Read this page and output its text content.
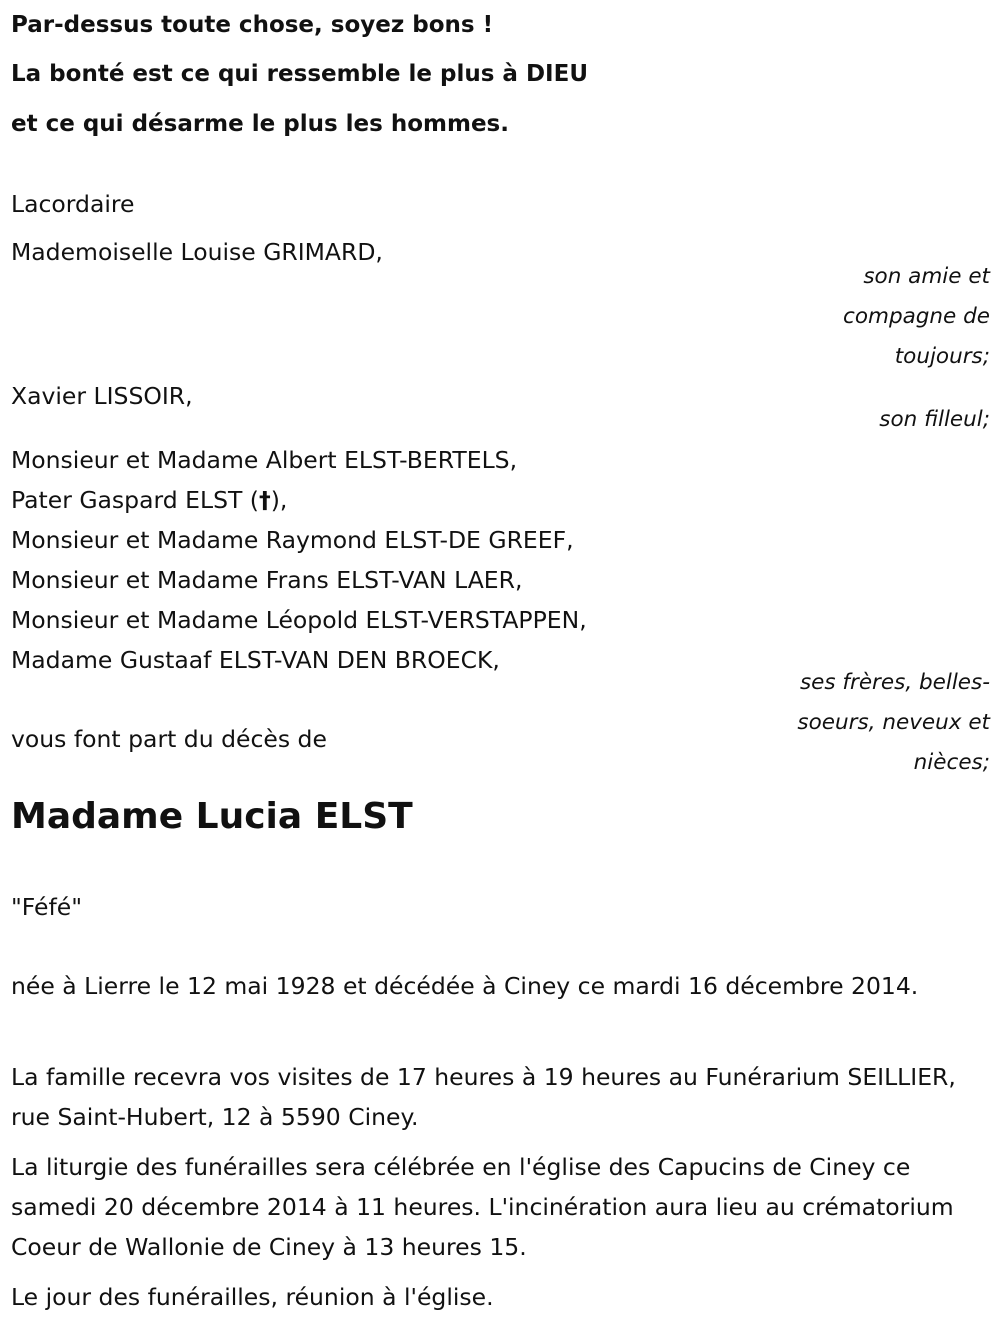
Par-dessus toute chose, soyez bons !
La bonté est ce qui ressemble le plus à DIEU
et ce qui désarme le plus les hommes.
Lacordaire
Mademoiselle Louise GRIMARD,
son amie et
compagne de
toujours;
Xavier LISSOIR,
son filleul;
Monsieur et Madame Albert ELST-BERTELS,
Pater Gaspard ELST (†),
Monsieur et Madame Raymond ELST-DE GREEF,
Monsieur et Madame Frans ELST-VAN LAER,
Monsieur et Madame Léopold ELST-VERSTAPPEN,
Madame Gustaaf ELST-VAN DEN BROECK,
ses frères, belles-
soeurs, neveux et
nièces;
vous font part du décès de
Madame Lucia ELST
"Féfé"
née à Lierre le 12 mai 1928 et décédée à Ciney ce mardi 16 décembre 2014.
La famille recevra vos visites de 17 heures à 19 heures au Funérarium SEILLIER, rue Saint-Hubert, 12 à 5590 Ciney.
La liturgie des funérailles sera célébrée en l'église des Capucins de Ciney ce samedi 20 décembre 2014 à 11 heures. L'incinération aura lieu au crématorium Coeur de Wallonie de Ciney à 13 heures 15.
Le jour des funérailles, réunion à l'église.
